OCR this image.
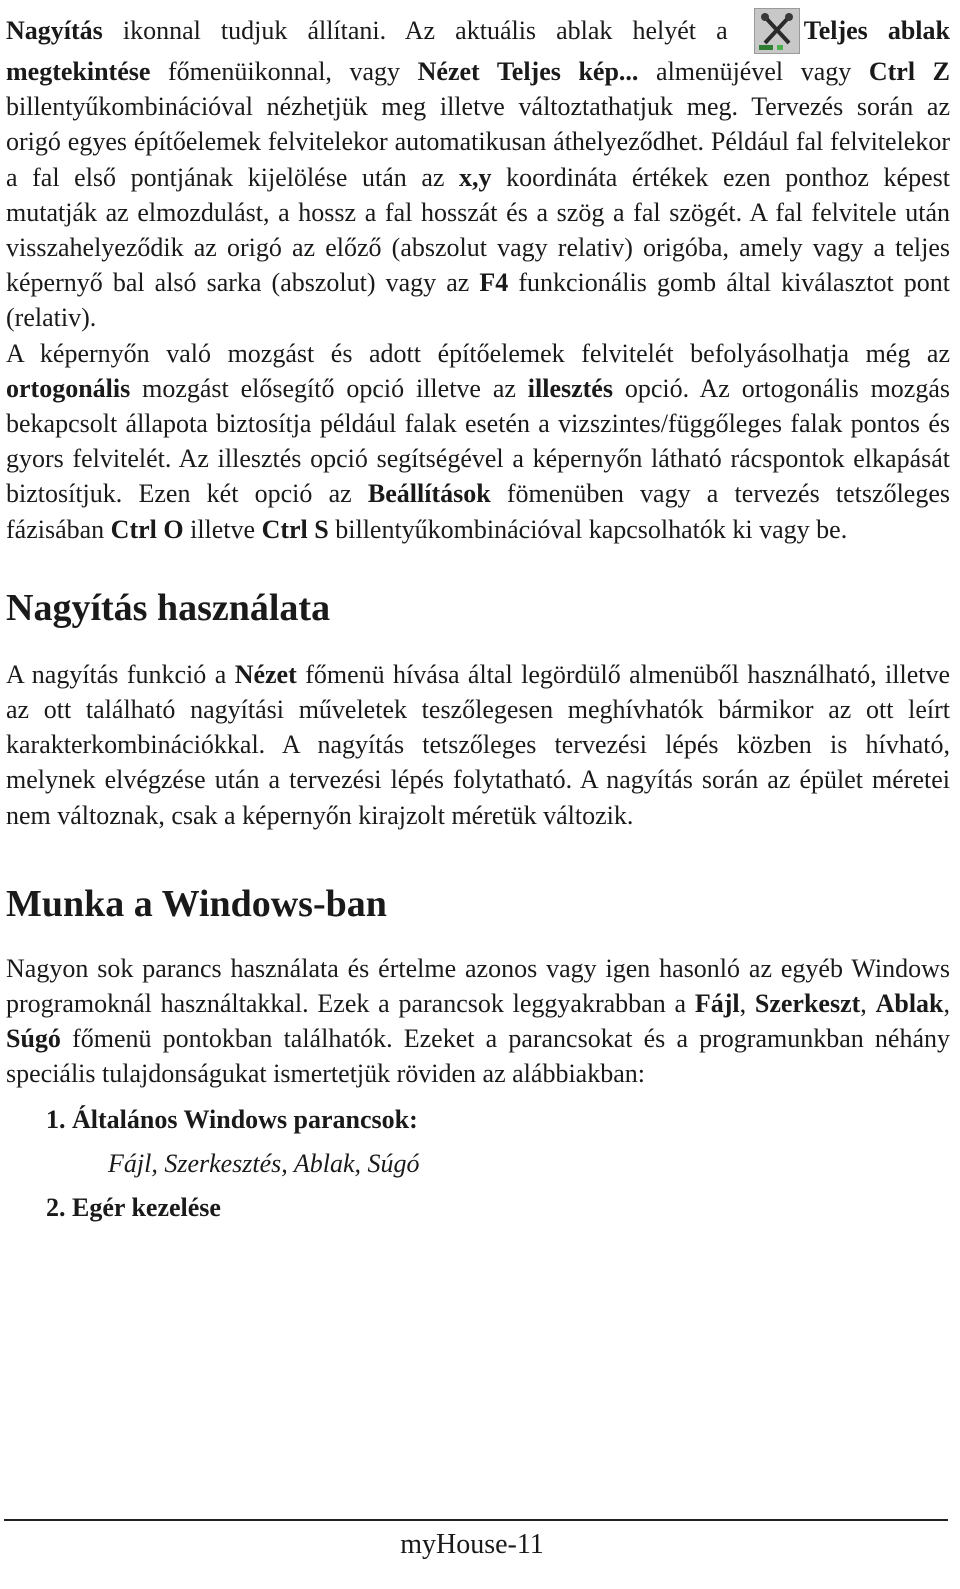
Nagyítás ikonnal tudjuk állítani. Az aktuális ablak helyét a Teljes ablak megtekintése főmenüikonnal, vagy Nézet Teljes kép... almenüjével vagy Ctrl Z billentyűkombinációval nézhetjük meg illetve változtathatjuk meg. Tervezés során az origó egyes építőelemek felvitelekor automatikusan áthelyeződhet. Például fal felvitelekor a fal első pontjának kijelölése után az x,y koordináta értékek ezen ponthoz képest mutatják az elmozdulást, a hossz a fal hosszát és a szög a fal szögét. A fal felvitele után visszahelyeződik az origó az előző (abszolut vagy relativ) origóba, amely vagy a teljes képernyő bal alsó sarka (abszolut) vagy az F4 funkcionális gomb által kiválasztot pont (relativ).

A képernyőn való mozgást és adott építőelemek felvitelét befolyásolhatja még az ortogonális mozgást elősegítő opció illetve az illesztés opció. Az ortogonális mozgás bekapcsolt állapota biztosítja például falak esetén a vizszintes/függőleges falak pontos és gyors felvitelét. Az illesztés opció segítségével a képernyőn látható rácspontok elkapását biztosítjuk. Ezen két opció az Beállítások fömenüben vagy a tervezés tetszőleges fázisában Ctrl O illetve Ctrl S billentyűkombinációval kapcsolhatók ki vagy be.

Nagyítás használata

A nagyítás funkció a Nézet főmenü hívása által legördülő almenüből használható, illetve az ott található nagyítási műveletek teszőlegesen meghívhatók bármikor az ott leírt karakterkombinációkkal. A nagyítás tetszőleges tervezési lépés közben is hívható, melynek elvégzése után a tervezési lépés folytatható. A nagyítás során az épület méretei nem változnak, csak a képernyőn kirajzolt méretük változik.

Munka a Windows-ban

Nagyon sok parancs használata és értelme azonos vagy igen hasonló az egyéb Windows programoknál használtakkal. Ezek a parancsok leggyakrabban a Fájl, Szerkeszt, Ablak, Súgó főmenü pontokban találhatók. Ezeket a parancsokat és a programunkban néhány speciális tulajdonságukat ismertetjük röviden az alábbiakban:

1. Általános Windows parancsok:
Fájl, Szerkesztés, Ablak, Súgó
2. Egér kezelése
myHouse-11
